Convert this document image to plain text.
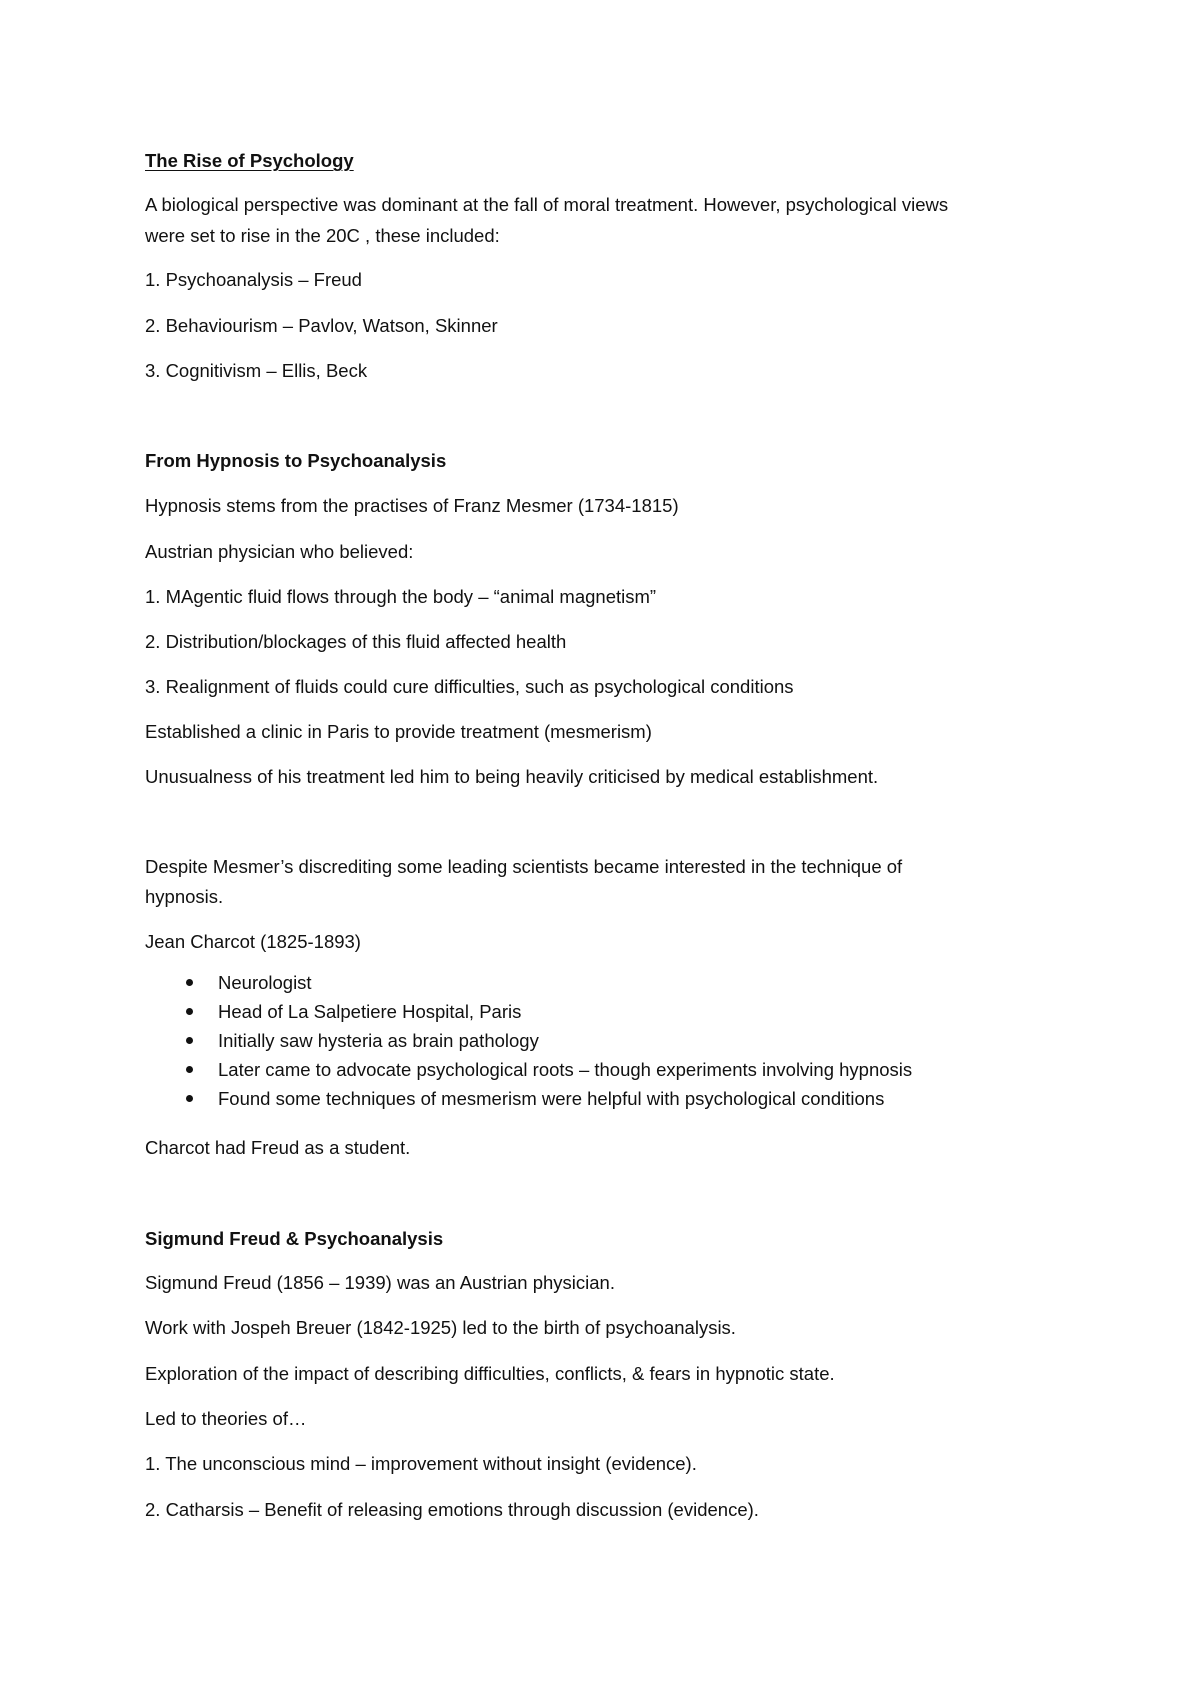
The Rise of Psychology

A biological perspective was dominant at the fall of moral treatment. However, psychological views

were set to rise in the 20C , these included:

1. Psychoanalysis – Freud

2. Behaviourism – Pavlov, Watson, Skinner

3. Cognitivism – Ellis, Beck

From Hypnosis to Psychoanalysis

Hypnosis stems from the practises of Franz Mesmer (1734-1815)

Austrian physician who believed:

1. MAgentic fluid flows through the body – “animal magnetism”

2. Distribution/blockages of this fluid affected health

3. Realignment of fluids could cure difficulties, such as psychological conditions

Established a clinic in Paris to provide treatment (mesmerism)

Unusualness of his treatment led him to being heavily criticised by medical establishment.

Despite Mesmer’s discrediting some leading scientists became interested in the technique of

hypnosis.

Jean Charcot (1825-1893)

Neurologist
Head of La Salpetiere Hospital, Paris
Initially saw hysteria as brain pathology
Later came to advocate psychological roots – though experiments involving hypnosis
Found some techniques of mesmerism were helpful with psychological conditions

Charcot had Freud as a student.

Sigmund Freud & Psychoanalysis

Sigmund Freud (1856 – 1939) was an Austrian physician.

Work with Jospeh Breuer (1842-1925) led to the birth of psychoanalysis.

Exploration of the impact of describing difficulties, conflicts, & fears in hypnotic state.

Led to theories of…

1. The unconscious mind – improvement without insight (evidence).

2. Catharsis – Benefit of releasing emotions through discussion (evidence).
